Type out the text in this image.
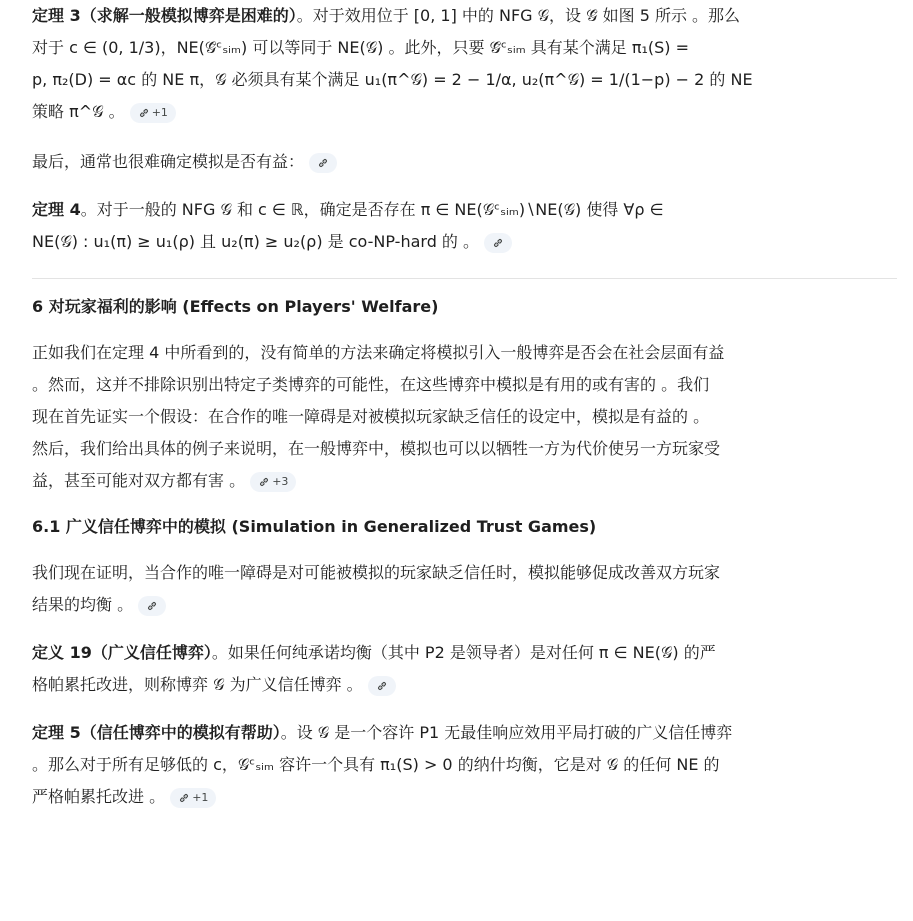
定理 3（求解一般模拟博弈是困难的）。对于效用位于 [0, 1] 中的 NFG 𝒢，设 𝒢̃ 如图 5 所示 。那么

对于 c ∈ (0, 1/3)，NE(𝒢̃ᶜₛᵢₘ) 可以等同于 NE(𝒢) 。此外，只要 𝒢̃ᶜₛᵢₘ 具有某个满足 π₁(S) =

p, π₂(D) = αc 的 NE π，𝒢 必须具有某个满足 u₁(π^𝒢) = 2 − 1/α, u₂(π^𝒢) = 1/(1−p) − 2 的 NE

策略 π^𝒢 。 +1

最后，通常也很难确定模拟是否有益：

定理 4。对于一般的 NFG 𝒢 和 c ∈ ℝ，确定是否存在 π ∈ NE(𝒢ᶜₛᵢₘ)∖NE(𝒢) 使得 ∀ρ ∈

NE(𝒢) : u₁(π) ≥ u₁(ρ) 且 u₂(π) ≥ u₂(ρ) 是 co-NP-hard 的 。

6 对玩家福利的影响 (Effects on Players' Welfare)

正如我们在定理 4 中所看到的，没有简单的方法来确定将模拟引入一般博弈是否会在社会层面有益

。然而，这并不排除识别出特定子类博弈的可能性，在这些博弈中模拟是有用的或有害的 。我们

现在首先证实一个假设：在合作的唯一障碍是对被模拟玩家缺乏信任的设定中，模拟是有益的 。

然后，我们给出具体的例子来说明，在一般博弈中，模拟也可以以牺牲一方为代价使另一方玩家受

益，甚至可能对双方都有害 。 +3

6.1 广义信任博弈中的模拟 (Simulation in Generalized Trust Games)

我们现在证明，当合作的唯一障碍是对可能被模拟的玩家缺乏信任时，模拟能够促成改善双方玩家

结果的均衡 。

定义 19（广义信任博弈）。如果任何纯承诺均衡（其中 P2 是领导者）是对任何 π ∈ NE(𝒢) 的严

格帕累托改进，则称博弈 𝒢 为广义信任博弈 。

定理 5（信任博弈中的模拟有帮助）。设 𝒢 是一个容许 P1 无最佳响应效用平局打破的广义信任博弈

。那么对于所有足够低的 c，𝒢ᶜₛᵢₘ 容许一个具有 π₁(S) > 0 的纳什均衡，它是对 𝒢 的任何 NE 的

严格帕累托改进 。 +1
